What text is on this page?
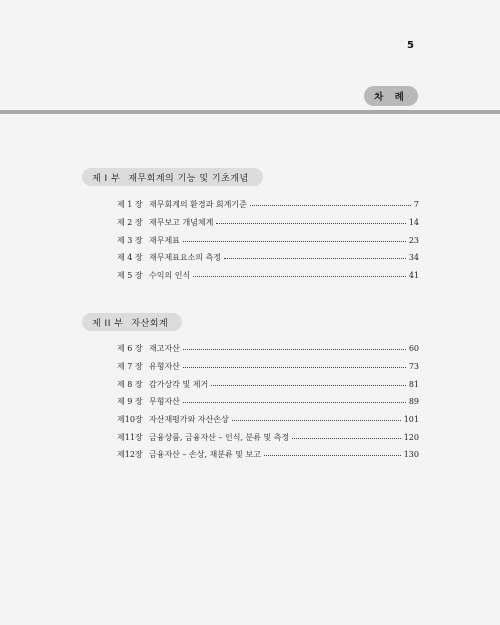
5
차 례
제 I 부 재무회계의 기능 및 기초개념
제 1 장 재무회계의 환경과 회계기준	7
제 2 장 재무보고 개념체계	14
제 3 장 재무제표	23
제 4 장 재무제표요소의 측정	34
제 5 장 수익의 인식	41
제 II 부 자산회계
제 6 장 재고자산	60
제 7 장 유형자산	73
제 8 장 감가상각 및 제거	81
제 9 장 무형자산	89
제10장 자산재평가와 자산손상	101
제11장 금융상품, 금융자산 – 인식, 분류 및 측정	120
제12장 금융자산 – 손상, 재분류 및 보고	130
